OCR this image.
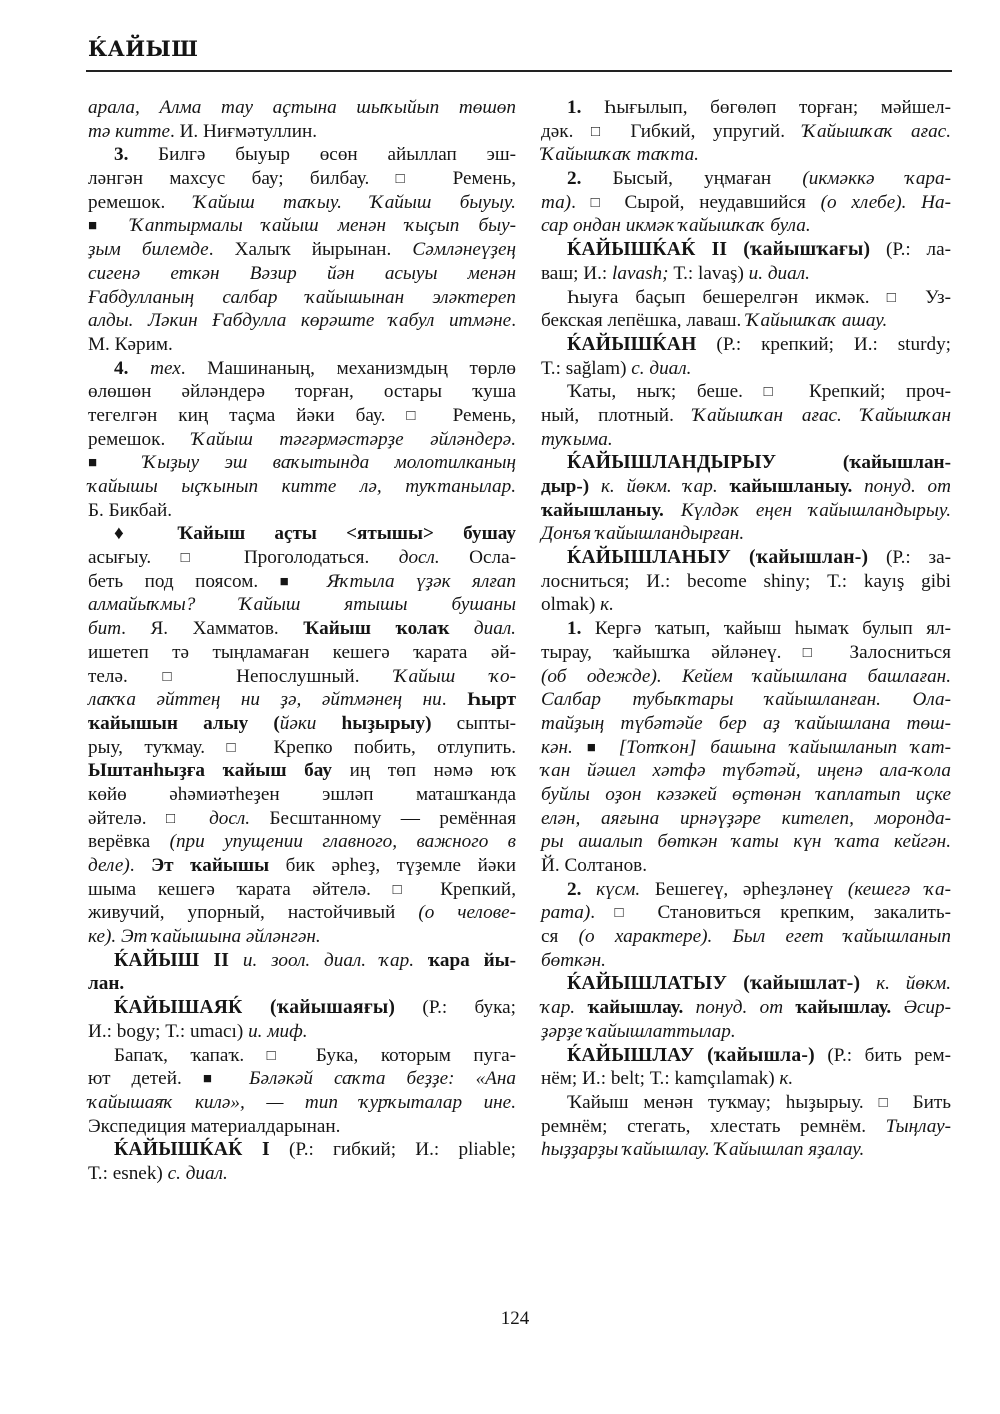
ЌАЙЫШ
арала, Алма тау аҫтына шыҡыйып төшөп
тә китте. И. Ниғмәтуллин.
3. Билгә быуыр өсөн айыллап эш-
ләнгән махсус бау; билбау. □ Ремень,
ремешок. Ҡайыш таҡыу. Ҡайыш быуыу.
■ Ҡаптырмалы ҡайыш менән ҡыҫып быу-
ҙым билемде. Халыҡ йырынан. Сәмләнеүҙең
сигенә еткән Вәзир йән асыуы менән
Ғабдулланың салбар ҡайышынан эләктереп
алды. Ләкин Ғабдулла көрәште ҡабул итмәне.
М. Кәрим.
4. тех. Машинаның, механизмдың төрлө
өлөшөн әйләндерә торған, остары ҡуша
тегелгән киң таҫма йәки бау. □ Ремень,
ремешок. Ҡайыш тәгәрмәстәрҙе әйләндерә.
■ Ҡыҙыу эш ваҡытында молотилканың
ҡайышы ыҫҡынып китте лә, туҡтанылар.
Б. Бикбай.
♦ Ҡайыш аҫты <ятышы> бушау
асығыу. □ Проголодаться. досл. Осла-
беть под поясом. ■ Яҡтыла үҙәк ялғап
алмайыҡмы? Ҡайыш ятышы бушаны
бит. Я. Хамматов. Ҡайыш ҡолаҡ диал.
ишетеп тә тыңламаған кешегә ҡарата әй-
телә. □ Непослушный. Ҡайыш ҡо-
лаҡҡа әйттең ни ҙә, әйтмәнең ни. Һырт
ҡайышын алыу (йәки һыҙырыу) сыпты-
рыу, туҡмау. □ Крепко побить, отлупить.
Ыштанһыҙға ҡайыш бау иң төп нәмә юҡ
көйө әһәмиәтһеҙен эшләп маташҡанда
әйтелә. □ досл. Бесштанному — ремённая
верёвка (при упущении главного, важного в
деле). Эт ҡайышы бик әрһеҙ, түҙемле йәки
шыма кешегә ҡарата әйтелә. □ Крепкий,
живучий, упорный, настойчивый (о челове-
ке). Эт ҡайышына әйләнгән.
ЌАЙЫШ II и. зоол. диал. ҡар. ҡара йы-
лан.
ЌАЙЫШАЯЌ (ҡайышаяғы) (Р.: бука;
И.: bogy; Т.: umacı) и. миф.
Бапаҡ, ҡапаҡ. □ Бука, которым пуга-
ют детей. ■ Бәләкәй саҡта беҙҙе: «Ана
ҡайышаяҡ килә», — тип ҡурҡыталар ине.
Экспедиция материалдарынан.
ЌАЙЫШЌАЌ I (Р.: гибкий; И.: pliable;
Т.: esnek) с. диал.
1. Һығылып, бөгөлөп торған; мәйшел-
дәк. □ Гибкий, упругий. Ҡайышҡаҡ ағас.
Ҡайышҡаҡ таҡта.
2. Бысый, уңмаған (икмәккә ҡара-
та). □ Сырой, неудавшийся (о хлебе). На-
сар ондан икмәк ҡайышҡаҡ була.
ЌАЙЫШЌАЌ II (ҡайышҡағы) (Р.: ла-
ваш; И.: lavash; Т.: lavaş) и. диал.
Һыуға баҫып бешерелгән икмәк. □ Уз-
бекская лепёшка, лаваш. Ҡайышҡаҡ ашау.
ЌАЙЫШЌАН (Р.: крепкий; И.: sturdy;
Т.: sağlam) с. диал.
Ҡаты, ныҡ; беше. □ Крепкий; проч-
ный, плотный. Ҡайышҡан ағас. Ҡайышҡан
туҡыма.
ЌАЙЫШЛАНДЫРЫУ (ҡайышлан-
дыр-) к. йөкм. ҡар. ҡайышланыу. понуд. от
ҡайышланыу. Күлдәк еңен ҡайышландырыу.
Донъя ҡайышландырған.
ЌАЙЫШЛАНЫУ (ҡайышлан-) (Р.: за-
лосниться; И.: become shiny; Т.: kayış gibi
olmak) к.
1. Кергә ҡатып, ҡайыш һымаҡ булып ял-
тырау, ҡайышҡа әйләнеү. □ Залосниться
(об одежде). Кейем ҡайышлана башлаған.
Салбар тубыҡтары ҡайышланған. Ола-
тайҙың түбәтәйе бер аҙ ҡайышлана төш-
кән. ■ [Тотҡон] башына ҡайышланып ҡат-
ҡан йәшел хәтфә түбәтәй, иңенә ала-ҡола
буйлы оҙон кәзәкей өҫтөнән ҡаплатып иҫке
елән, аяғына ирнәүҙәре кителеп, моронда-
ры ашалып бөткән ҡаты күн ҡата кейгән.
Й. Солтанов.
2. күсм. Бешегеү, әрһеҙләнеү (кешегә ҡа-
рата). □ Становиться крепким, закалить-
ся (о характере). Был егет ҡайышланып
бөткән.
ЌАЙЫШЛАТЫУ (ҡайышлат-) к. йөкм.
ҡар. ҡайышлау. понуд. от ҡайышлау. Әсир-
ҙәрҙе ҡайышлаттылар.
ЌАЙЫШЛАУ (ҡайышла-) (Р.: бить рем-
нём; И.: belt; Т.: kamçılamak) к.
Ҡайыш менән туҡмау; һыҙырыу. □ Бить
ремнём; стегать, хлестать ремнём. Тыңлау-
һыҙҙарҙы ҡайышлау. Ҡайышлап яҙалау.
124
